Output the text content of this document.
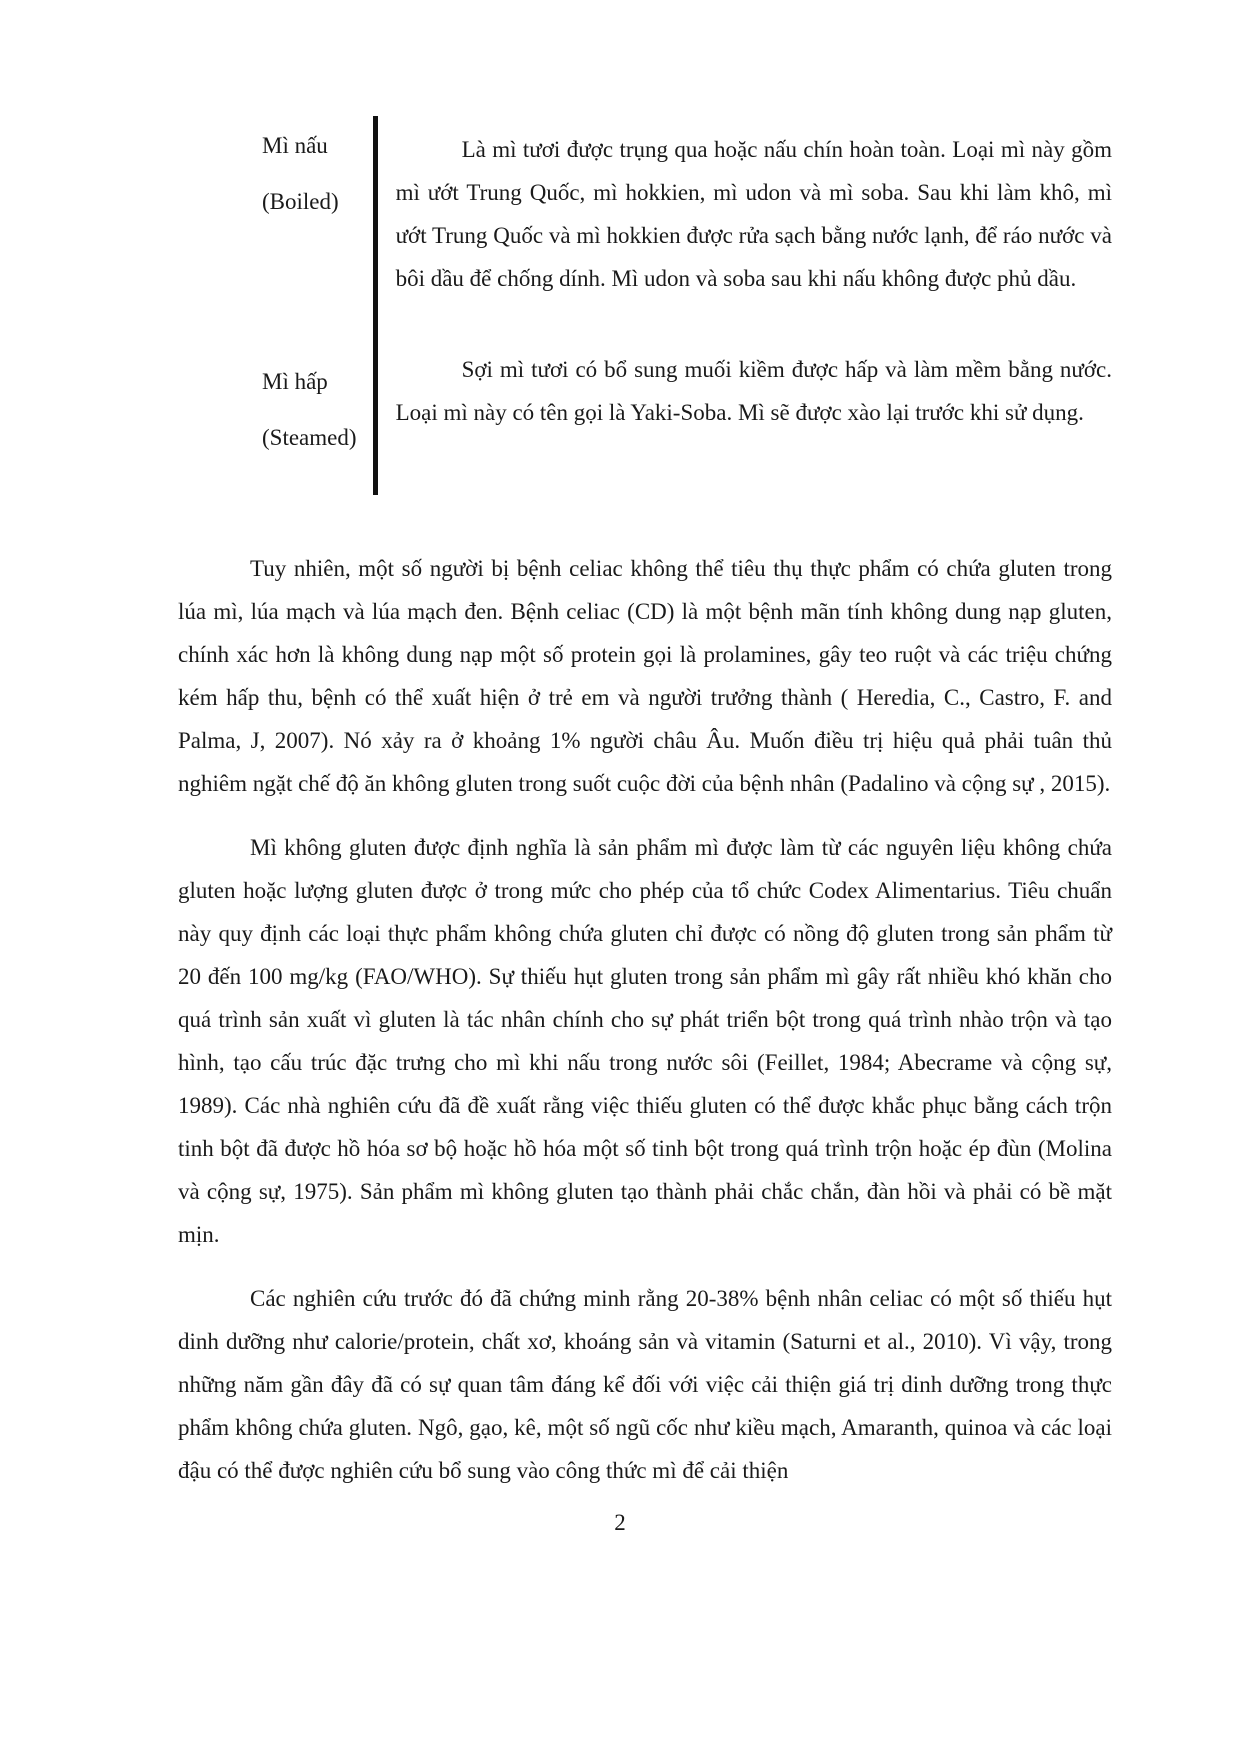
Mì nấu
(Boiled)
Là mì tươi được trụng qua hoặc nấu chín hoàn toàn. Loại mì này gồm mì ướt Trung Quốc, mì hokkien, mì udon và mì soba. Sau khi làm khô, mì ướt Trung Quốc và mì hokkien được rửa sạch bằng nước lạnh, để ráo nước và bôi dầu để chống dính. Mì udon và soba sau khi nấu không được phủ dầu.
Mì hấp
(Steamed)
Sợi mì tươi có bổ sung muối kiềm được hấp và làm mềm bằng nước. Loại mì này có tên gọi là Yaki-Soba. Mì sẽ được xào lại trước khi sử dụng.

Tuy nhiên, một số người bị bệnh celiac không thể tiêu thụ thực phẩm có chứa gluten trong lúa mì, lúa mạch và lúa mạch đen. Bệnh celiac (CD) là một bệnh mãn tính không dung nạp gluten, chính xác hơn là không dung nạp một số protein gọi là prolamines, gây teo ruột và các triệu chứng kém hấp thu, bệnh có thể xuất hiện ở trẻ em và người trưởng thành ( Heredia, C., Castro, F. and Palma, J, 2007). Nó xảy ra ở khoảng 1% người châu Âu. Muốn điều trị hiệu quả phải tuân thủ nghiêm ngặt chế độ ăn không gluten trong suốt cuộc đời của bệnh nhân (Padalino và cộng sự , 2015).

Mì không gluten được định nghĩa là sản phẩm mì được làm từ các nguyên liệu không chứa gluten hoặc lượng gluten được ở trong mức cho phép của tổ chức Codex Alimentarius. Tiêu chuẩn này quy định các loại thực phẩm không chứa gluten chỉ được có nồng độ gluten trong sản phẩm từ 20 đến 100 mg/kg (FAO/WHO). Sự thiếu hụt gluten trong sản phẩm mì gây rất nhiều khó khăn cho quá trình sản xuất vì gluten là tác nhân chính cho sự phát triển bột trong quá trình nhào trộn và tạo hình, tạo cấu trúc đặc trưng cho mì khi nấu trong nước sôi (Feillet, 1984; Abecrame và cộng sự, 1989). Các nhà nghiên cứu đã đề xuất rằng việc thiếu gluten có thể được khắc phục bằng cách trộn tinh bột đã được hồ hóa sơ bộ hoặc hồ hóa một số tinh bột trong quá trình trộn hoặc ép đùn (Molina và cộng sự, 1975). Sản phẩm mì không gluten tạo thành phải chắc chắn, đàn hồi và phải có bề mặt mịn.

Các nghiên cứu trước đó đã chứng minh rằng 20-38% bệnh nhân celiac có một số thiếu hụt dinh dưỡng như calorie/protein, chất xơ, khoáng sản và vitamin (Saturni et al., 2010). Vì vậy, trong những năm gần đây đã có sự quan tâm đáng kể đối với việc cải thiện giá trị dinh dưỡng trong thực phẩm không chứa gluten. Ngô, gạo, kê, một số ngũ cốc như kiều mạch, Amaranth, quinoa và các loại đậu có thể được nghiên cứu bổ sung vào công thức mì để cải thiện

2
